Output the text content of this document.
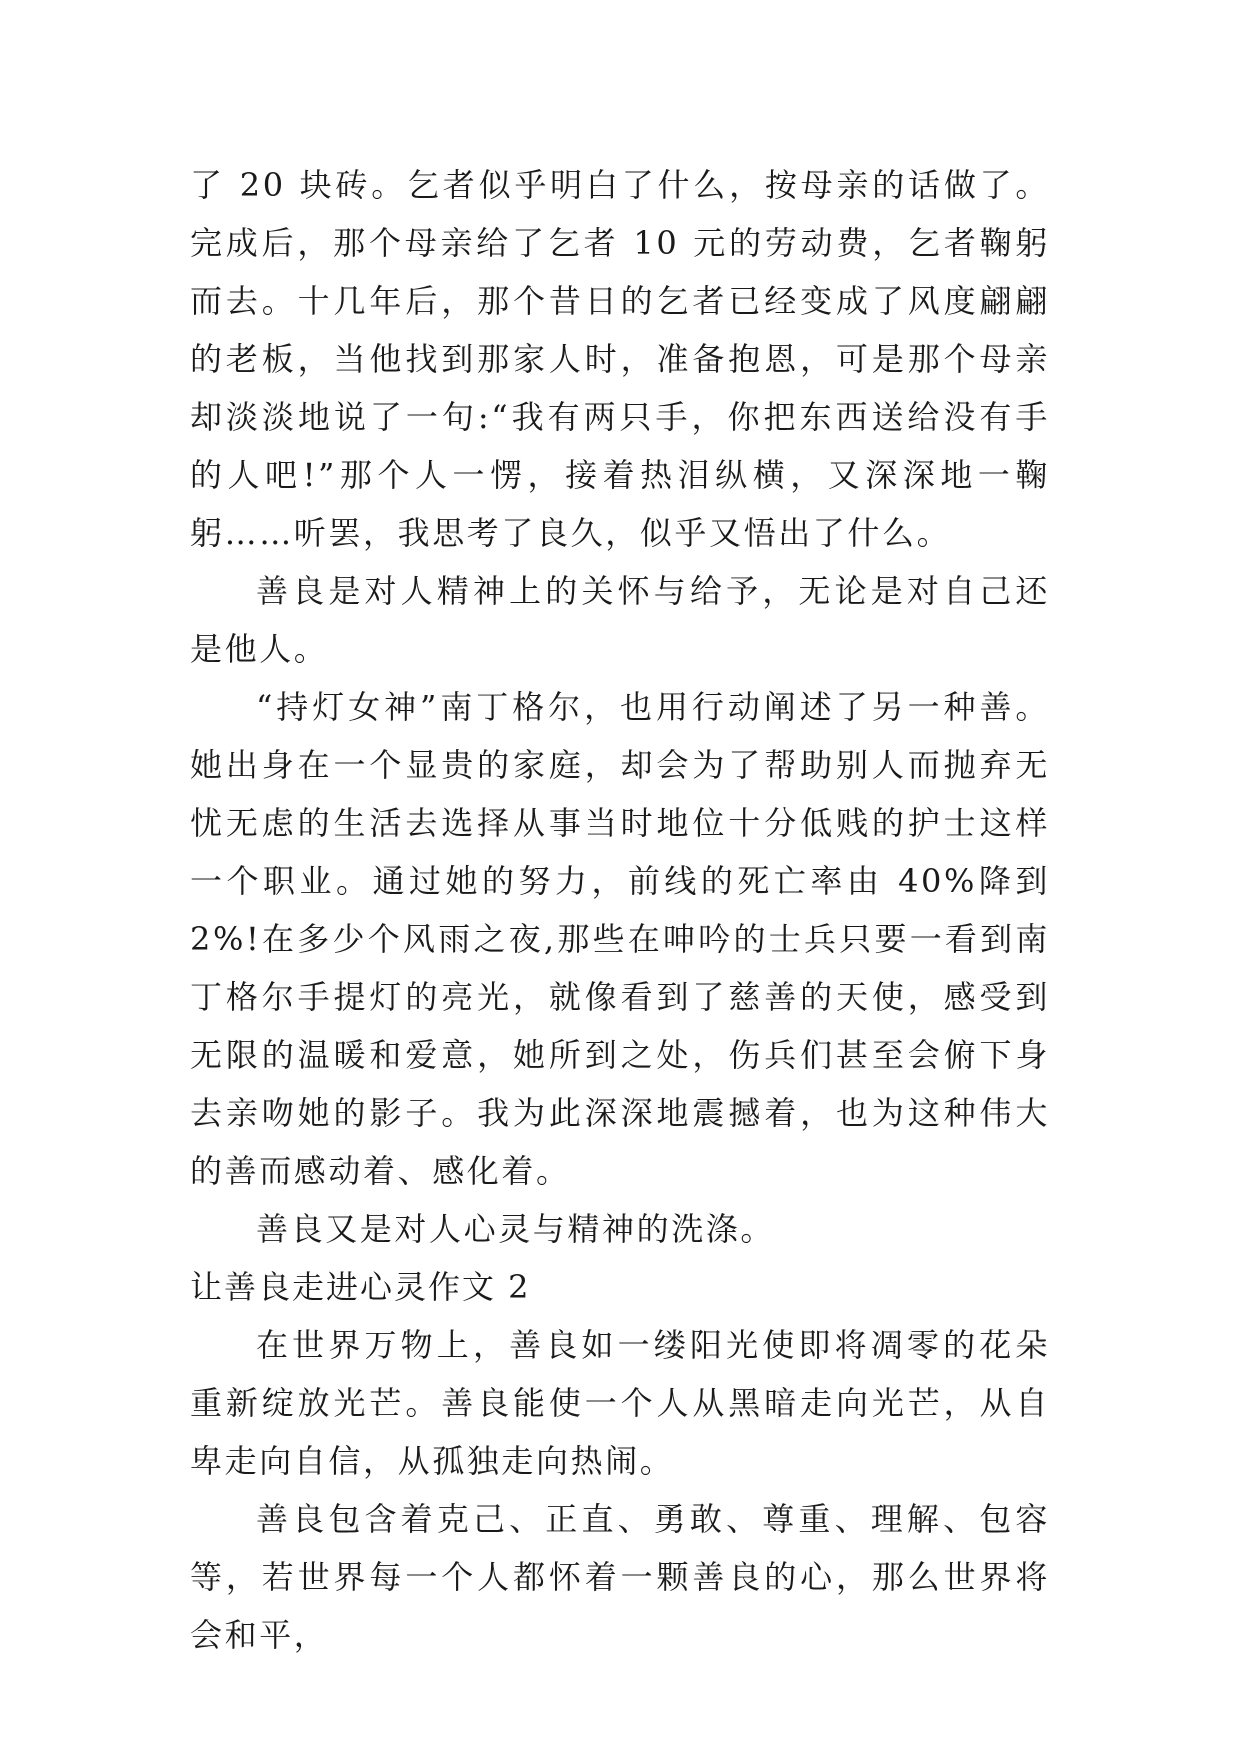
了 20 块砖。乞者似乎明白了什么，按母亲的话做了。完成后，那个母亲给了乞者 10 元的劳动费，乞者鞠躬而去。十几年后，那个昔日的乞者已经变成了风度翩翩的老板，当他找到那家人时，准备抱恩，可是那个母亲却淡淡地说了一句:“我有两只手，你把东西送给没有手的人吧!”那个人一愣，接着热泪纵横，又深深地一鞠躬……听罢，我思考了良久，似乎又悟出了什么。

善良是对人精神上的关怀与给予，无论是对自己还是他人。

“持灯女神”南丁格尔，也用行动阐述了另一种善。她出身在一个显贵的家庭，却会为了帮助别人而抛弃无忧无虑的生活去选择从事当时地位十分低贱的护士这样一个职业。通过她的努力，前线的死亡率由 40%降到 2%!在多少个风雨之夜,那些在呻吟的士兵只要一看到南丁格尔手提灯的亮光，就像看到了慈善的天使，感受到无限的温暖和爱意，她所到之处，伤兵们甚至会俯下身去亲吻她的影子。我为此深深地震撼着，也为这种伟大的善而感动着、感化着。

善良又是对人心灵与精神的洗涤。

让善良走进心灵作文 2

在世界万物上，善良如一缕阳光使即将凋零的花朵重新绽放光芒。善良能使一个人从黑暗走向光芒，从自卑走向自信，从孤独走向热闹。

善良包含着克己、正直、勇敢、尊重、理解、包容等，若世界每一个人都怀着一颗善良的心，那么世界将会和平，
